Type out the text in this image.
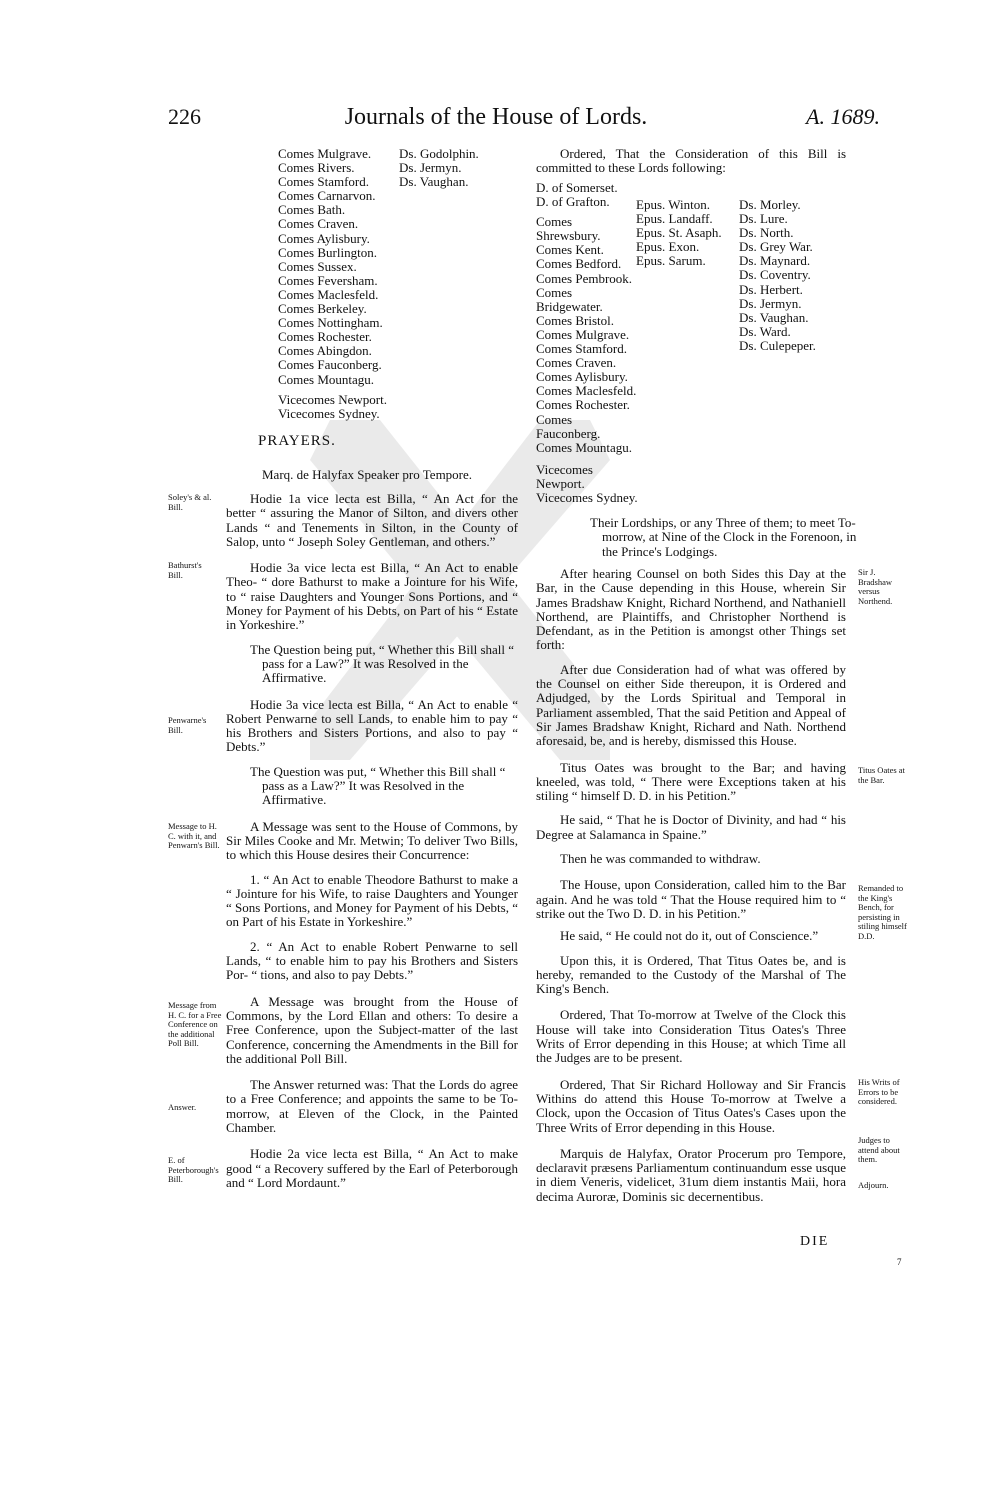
226	Journals of the House of Lords.	A. 1689.
Comes Mulgrave.
Comes Rivers.
Comes Stamford.
Comes Carnarvon.
Comes Bath.
Comes Craven.
Comes Aylisbury.
Comes Burlington.
Comes Sussex.
Comes Feversham.
Comes Maclesfeld.
Comes Berkeley.
Comes Nottingham.
Comes Rochester.
Comes Abingdon.
Comes Fauconberg.
Comes Mountagu.
Vicecomes Newport.
Vicecomes Sydney.
Ds. Godolphin.
Ds. Jermyn.
Ds. Vaughan.
PRAYERS.
Marq. de Halyfax Speaker pro Tempore.

Hodie 1a vice lecta est Billa, “ An Act for the better “ assuring the Manor of Silton, and divers other Lands “ and Tenements in Silton, in the County of Salop, unto “ Joseph Soley Gentleman, and others.”

Hodie 3a vice lecta est Billa, “ An Act to enable Theo- “ dore Bathurst to make a Jointure for his Wife, to “ raise Daughters and Younger Sons Portions, and “ Money for Payment of his Debts, on Part of his “ Estate in Yorkeshire.”

The Question being put, “ Whether this Bill shall “ pass for a Law?” It was Resolved in the Affirmative.

Hodie 3a vice lecta est Billa, “ An Act to enable “ Robert Penwarne to sell Lands, to enable him to pay “ his Brothers and Sisters Portions, and also to pay “ Debts.”

The Question was put, “ Whether this Bill shall “ pass as a Law?” It was Resolved in the Affirmative.

A Message was sent to the House of Commons, by Sir Miles Cooke and Mr. Metwin; To deliver Two Bills, to which this House desires their Concurrence:

1. “ An Act to enable Theodore Bathurst to make a “ Jointure for his Wife, to raise Daughters and Younger “ Sons Portions, and Money for Payment of his Debts, “ on Part of his Estate in Yorkeshire.”

2. “ An Act to enable Robert Penwarne to sell Lands, “ to enable him to pay his Brothers and Sisters Por- “ tions, and also to pay Debts.”

A Message was brought from the House of Commons, by the Lord Ellan and others: To desire a Free Conference, upon the Subject-matter of the last Conference, concerning the Amendments in the Bill for the additional Poll Bill.

The Answer returned was: That the Lords do agree to a Free Conference; and appoints the same to be To-morrow, at Eleven of the Clock, in the Painted Chamber.

Hodie 2a vice lecta est Billa, “ An Act to make good “ a Recovery suffered by the Earl of Peterborough and “ Lord Mordaunt.”

Soley's & al. Bill.
Bathurst's Bill.
Penwarne's Bill.
Message to H. C. with it, and Penwarn's Bill.
Message from H. C. for a Free Conference on the additional Poll Bill.
Answer.
E. of Peterborough's Bill.

Ordered, That the Consideration of this Bill is committed to these Lords following:

D. of Somerset.
D. of Grafton.
Comes Shrewsbury.
Comes Kent.
Comes Bedford.
Comes Pembrook.
Comes Bridgewater.
Comes Bristol.
Comes Mulgrave.
Comes Stamford.
Comes Craven.
Comes Aylisbury.
Comes Maclesfeld.
Comes Rochester.
Comes Fauconberg.
Comes Mountagu.
Vicecomes Newport.
Vicecomes Sydney.
Epus. Winton.
Epus. Landaff.
Epus. St. Asaph.
Epus. Exon.
Epus. Sarum.
Ds. Morley.
Ds. Lure.
Ds. North.
Ds. Grey War.
Ds. Maynard.
Ds. Coventry.
Ds. Herbert.
Ds. Jermyn.
Ds. Vaughan.
Ds. Ward.
Ds. Culepeper.

Their Lordships, or any Three of them; to meet To-morrow, at Nine of the Clock in the Forenoon, in the Prince's Lodgings.

After hearing Counsel on both Sides this Day at the Bar, in the Cause depending in this House, wherein Sir James Bradshaw Knight, Richard Northend, and Nathaniell Northend, are Plaintiffs, and Christopher Northend is Defendant, as in the Petition is amongst other Things set forth:

After due Consideration had of what was offered by the Counsel on either Side thereupon, it is Ordered and Adjudged, by the Lords Spiritual and Temporal in Parliament assembled, That the said Petition and Appeal of Sir James Bradshaw Knight, Richard and Nath. Northend aforesaid, be, and is hereby, dismissed this House.

Titus Oates was brought to the Bar; and having kneeled, was told, “ There were Exceptions taken at his stiling “ himself D. D. in his Petition.”

He said, “ That he is Doctor of Divinity, and had “ his Degree at Salamanca in Spaine.”

Then he was commanded to withdraw.

The House, upon Consideration, called him to the Bar again. And he was told “ That the House required him to “ strike out the Two D. D. in his Petition.”

He said, “ He could not do it, out of Conscience.”

Upon this, it is Ordered, That Titus Oates be, and is hereby, remanded to the Custody of the Marshal of The King's Bench.

Ordered, That To-morrow at Twelve of the Clock this House will take into Consideration Titus Oates's Three Writs of Error depending in this House; at which Time all the Judges are to be present.

Ordered, That Sir Richard Holloway and Sir Francis Withins do attend this House To-morrow at Twelve a Clock, upon the Occasion of Titus Oates's Cases upon the Three Writs of Error depending in this House.

Marquis de Halyfax, Orator Procerum pro Tempore, declaravit præsens Parliamentum continuandum esse usque in diem Veneris, videlicet, 31um diem instantis Maii, hora decima Auroræ, Dominis sic decernentibus.

Sir J. Bradshaw versus Northend.
Titus Oates at the Bar.
Remanded to the King's Bench, for persisting in stiling himself D.D.
His Writs of Errors to be considered.
Judges to attend about them.
Adjourn.
DIE
7
